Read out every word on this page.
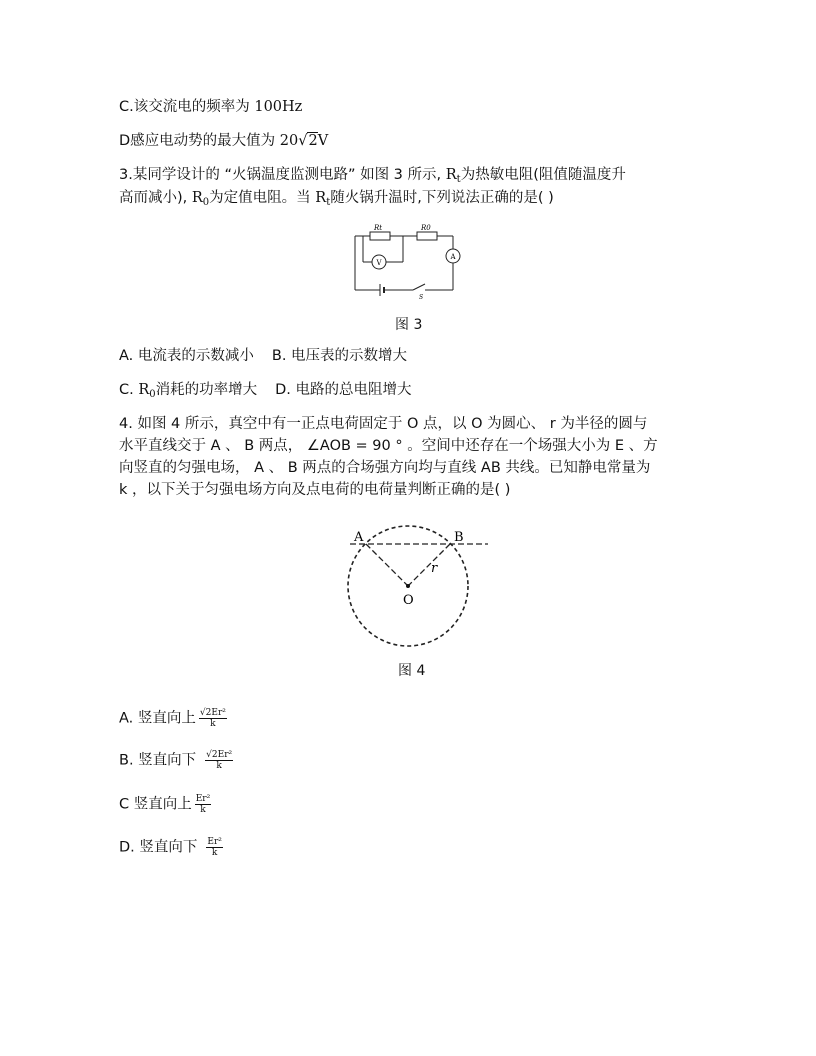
C.该交流电的频率为 100Hz
D感应电动势的最大值为 20√2V
3.某同学设计的 “火锅温度监测电路” 如图 3 所示, $R_t$为热敏电阻(阻值随温度升
高而减小), $R_0$为定值电阻。当 $R_t$随火锅升温时,下列说法正确的是( )
Rt	R0
V
A
S
图 3
A. 电流表的示数减小 B. 电压表的示数增大
C. $R_0$消耗的功率增大 D. 电路的总电阻增大
4. 如图 4 所示，真空中有一正点电荷固定于 O 点，以 O 为圆心、 r 为半径的圆与
水平直线交于 A 、 B 两点， ∠AOB = 90 ° 。空间中还存在一个场强大小为 E 、方
向竖直的匀强电场， A 、 B 两点的合场强方向均与直线 AB 共线。已知静电常量为
k ，以下关于匀强电场方向及点电荷的电荷量判断正确的是( )
A	B
O
r
图 4
A. 竖直向上 $\frac{\text{√2Er²}}{k}$
B. 竖直向下 $\frac{\text{√2Er²}}{k}$
C 竖直向上 $\frac{\text{Er²}}{k}$
D. 竖直向下 $\frac{\text{Er²}}{k}$
